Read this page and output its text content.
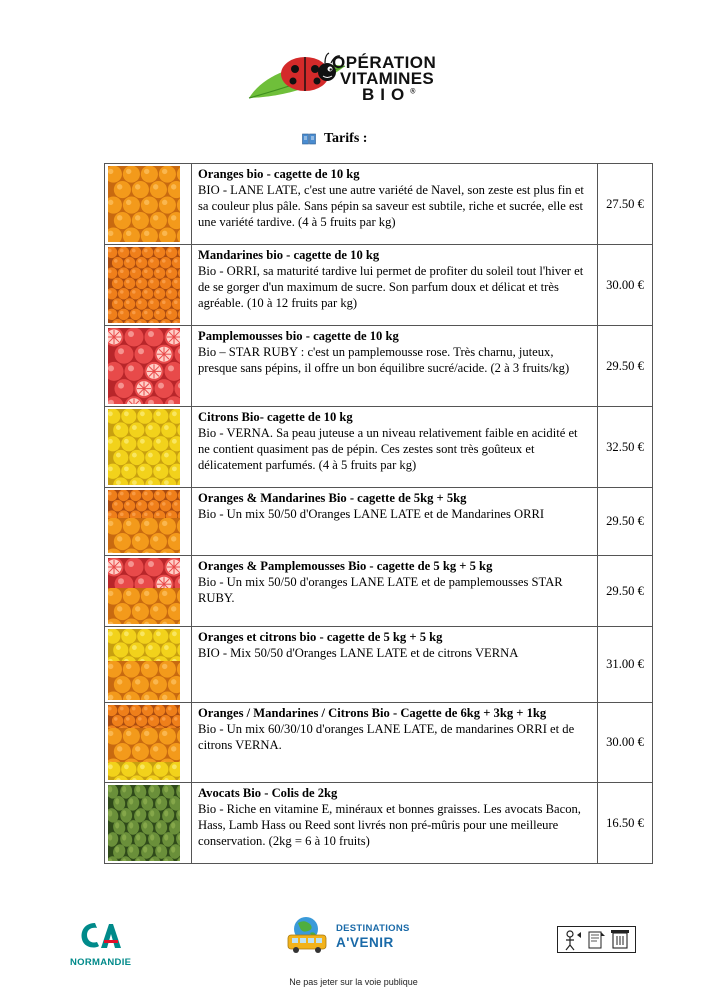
OPÉRATION
VITAMINES
BIO®
Tarifs :

Oranges bio - cagette de 10 kg
BIO - LANE LATE, c'est une autre variété de Navel, son zeste est plus fin et sa couleur plus pâle. Sans pépin sa saveur est subtile, riche et sucrée, elle est une variété tardive. (4 à 5 fruits par kg)	27.50 €

Mandarines bio - cagette de 10 kg
Bio - ORRI, sa maturité tardive lui permet de profiter du soleil tout l'hiver et de se gorger d'un maximum de sucre. Son parfum doux et délicat et très agréable. (10 à 12 fruits par kg)	30.00 €

Pamplemousses bio - cagette de 10 kg
Bio – STAR RUBY : c'est un pamplemousse rose. Très charnu, juteux, presque sans pépins, il offre un bon équilibre sucré/acide. (2 à 3 fruits/kg)	29.50 €

Citrons Bio- cagette de 10 kg
Bio - VERNA. Sa peau juteuse a un niveau relativement faible en acidité et ne contient quasiment pas de pépin. Ces zestes sont très goûteux et délicatement parfumés. (4 à 5 fruits par kg)	32.50 €

Oranges & Mandarines Bio - cagette de 5kg + 5kg
Bio - Un mix 50/50 d'Oranges LANE LATE et de Mandarines ORRI	29.50 €

Oranges & Pamplemousses Bio - cagette de 5 kg + 5 kg
Bio - Un mix 50/50 d'oranges LANE LATE et de pamplemousses STAR RUBY.	29.50 €

Oranges et citrons bio - cagette de 5 kg + 5 kg
BIO - Mix 50/50 d'Oranges LANE LATE et de citrons VERNA	31.00 €

Oranges / Mandarines / Citrons Bio - Cagette de 6kg + 3kg + 1kg
Bio - Un mix 60/30/10 d'oranges LANE LATE, de mandarines ORRI et de citrons VERNA.	30.00 €

Avocats Bio - Colis de 2kg
Bio - Riche en vitamine E, minéraux et bonnes graisses. Les avocats Bacon, Hass, Lamb Hass ou Reed sont livrés non pré-mûris pour une meilleure conservation. (2kg = 6 à 10 fruits)	16.50 €
NORMANDIE
DESTINATIONS
A'VENIR
Ne pas jeter sur la voie publique
